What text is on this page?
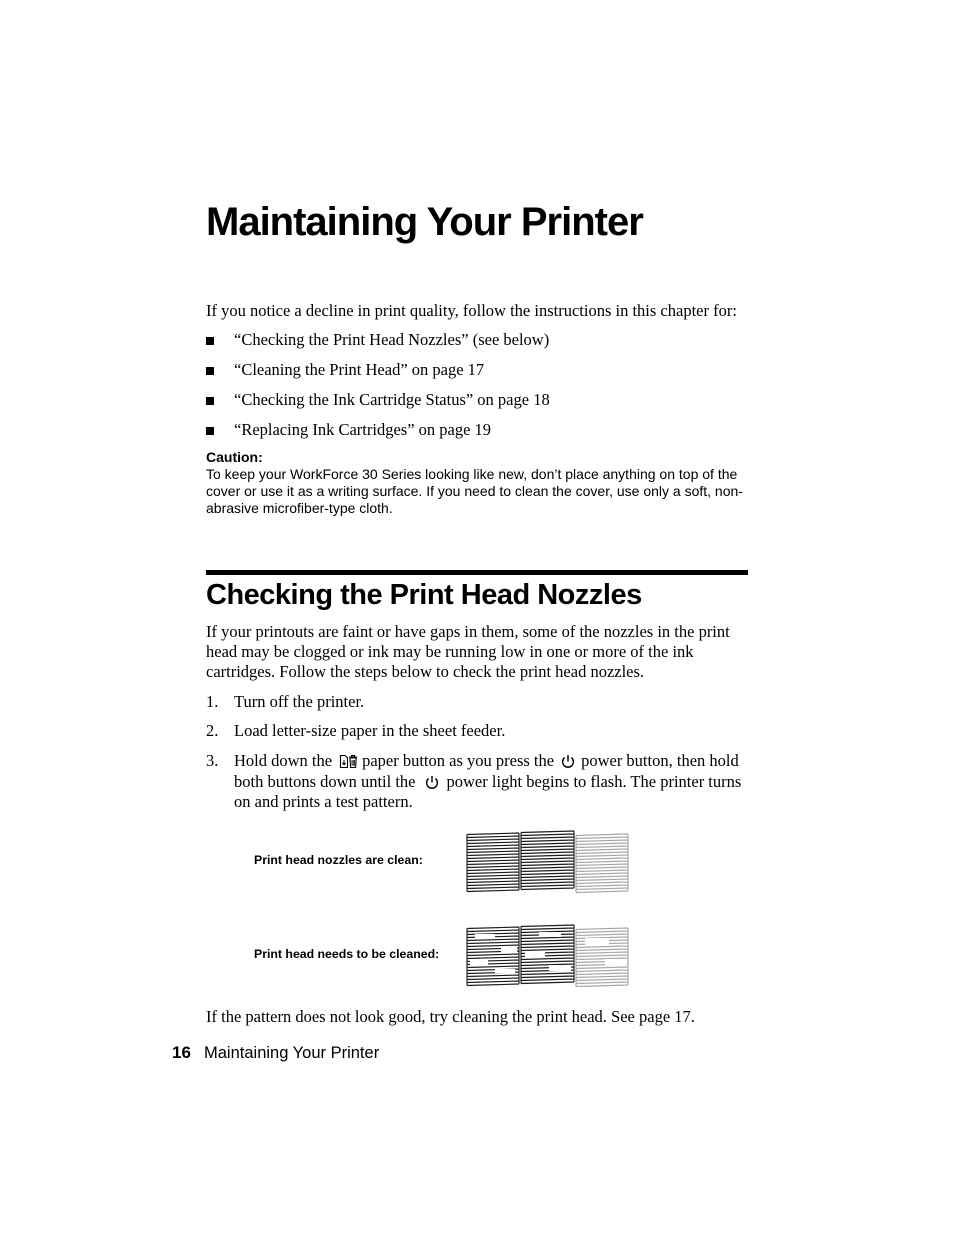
Maintaining Your Printer

If you notice a decline in print quality, follow the instructions in this chapter for:

“Checking the Print Head Nozzles” (see below)
“Cleaning the Print Head” on page 17
“Checking the Ink Cartridge Status” on page 18
“Replacing Ink Cartridges” on page 19
Caution:
To keep your WorkForce 30 Series looking like new, don’t place anything on top of the
cover or use it as a writing surface. If you need to clean the cover, use only a soft, non-
abrasive microfiber-type cloth.
Checking the Print Head Nozzles

If your printouts are faint or have gaps in them, some of the nozzles in the print
head may be clogged or ink may be running low in one or more of the ink
cartridges. Follow the steps below to check the print head nozzles.

1. Turn off the printer.
2. Load letter-size paper in the sheet feeder.
3. Hold down the paper button as you press the power button, then hold
both buttons down until the power light begins to flash. The printer turns
on and prints a test pattern.
Print head nozzles are clean:
Print head needs to be cleaned:

If the pattern does not look good, try cleaning the print head. See page 17.

16 Maintaining Your Printer
